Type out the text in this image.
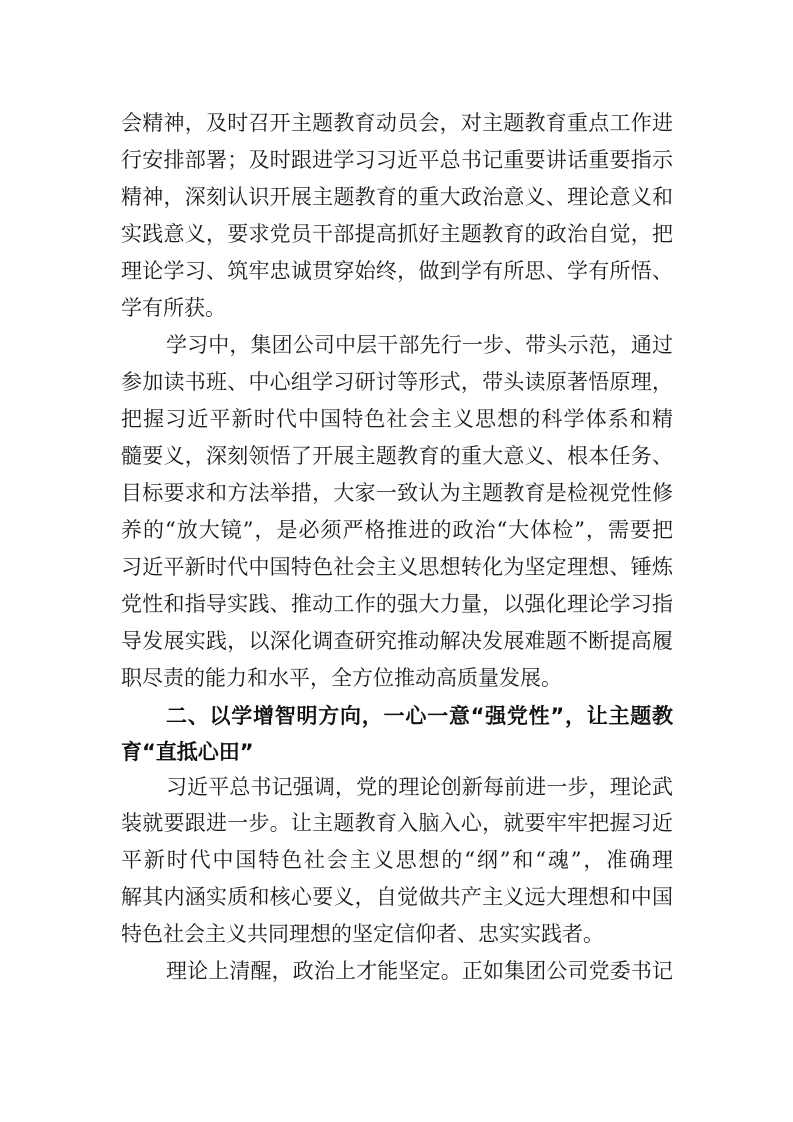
会精神，及时召开主题教育动员会，对主题教育重点工作进
行安排部署；及时跟进学习习近平总书记重要讲话重要指示
精神，深刻认识开展主题教育的重大政治意义、理论意义和
实践意义，要求党员干部提高抓好主题教育的政治自觉，把
理论学习、筑牢忠诚贯穿始终，做到学有所思、学有所悟、
学有所获。
学习中，集团公司中层干部先行一步、带头示范，通过
参加读书班、中心组学习研讨等形式，带头读原著悟原理，
把握习近平新时代中国特色社会主义思想的科学体系和精
髓要义，深刻领悟了开展主题教育的重大意义、根本任务、
目标要求和方法举措，大家一致认为主题教育是检视党性修
养的“放大镜”，是必须严格推进的政治“大体检”，需要把
习近平新时代中国特色社会主义思想转化为坚定理想、锤炼
党性和指导实践、推动工作的强大力量，以强化理论学习指
导发展实践，以深化调查研究推动解决发展难题不断提高履
职尽责的能力和水平，全方位推动高质量发展。
二、以学增智明方向，一心一意“强党性”，让主题教
育“直抵心田”
习近平总书记强调，党的理论创新每前进一步，理论武
装就要跟进一步。让主题教育入脑入心，就要牢牢把握习近
平新时代中国特色社会主义思想的“纲”和“魂”，准确理
解其内涵实质和核心要义，自觉做共产主义远大理想和中国
特色社会主义共同理想的坚定信仰者、忠实实践者。
理论上清醒，政治上才能坚定。正如集团公司党委书记
